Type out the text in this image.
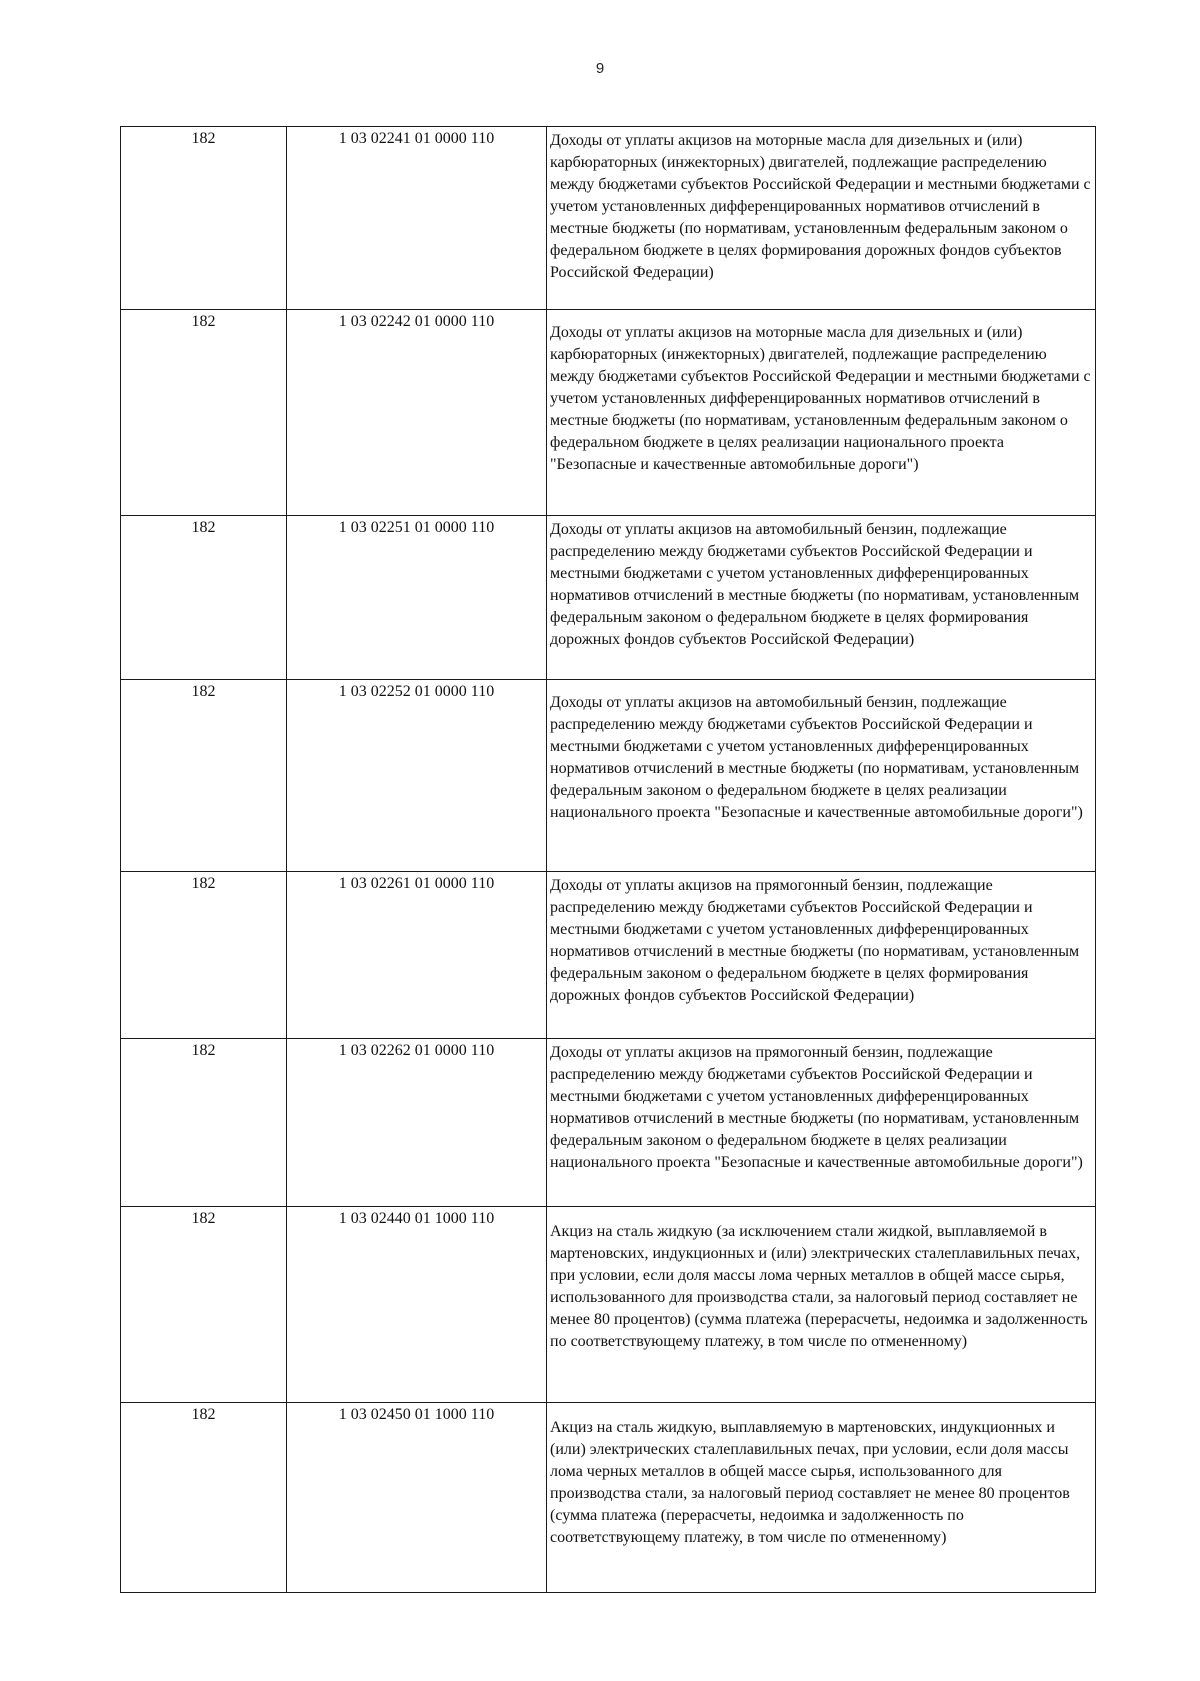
9
182	1 03 02241 01 0000 110	Доходы от уплаты акцизов на моторные масла для дизельных и (или) карбюраторных (инжекторных) двигателей, подлежащие распределению между бюджетами субъектов Российской Федерации и местными бюджетами с учетом установленных дифференцированных нормативов отчислений в местные бюджеты (по нормативам, установленным федеральным законом о федеральном бюджете в целях формирования дорожных фондов субъектов Российской Федерации)
182	1 03 02242 01 0000 110	Доходы от уплаты акцизов на моторные масла для дизельных и (или) карбюраторных (инжекторных) двигателей, подлежащие распределению между бюджетами субъектов Российской Федерации и местными бюджетами с учетом установленных дифференцированных нормативов отчислений в местные бюджеты (по нормативам, установленным федеральным законом о федеральном бюджете в целях реализации национального проекта "Безопасные и качественные автомобильные дороги")
182	1 03 02251 01 0000 110	Доходы от уплаты акцизов на автомобильный бензин, подлежащие распределению между бюджетами субъектов Российской Федерации и местными бюджетами с учетом установленных дифференцированных нормативов отчислений в местные бюджеты (по нормативам, установленным федеральным законом о федеральном бюджете в целях формирования дорожных фондов субъектов Российской Федерации)
182	1 03 02252 01 0000 110	Доходы от уплаты акцизов на автомобильный бензин, подлежащие распределению между бюджетами субъектов Российской Федерации и местными бюджетами с учетом установленных дифференцированных нормативов отчислений в местные бюджеты (по нормативам, установленным федеральным законом о федеральном бюджете в целях реализации национального проекта "Безопасные и качественные автомобильные дороги")
182	1 03 02261 01 0000 110	Доходы от уплаты акцизов на прямогонный бензин, подлежащие распределению между бюджетами субъектов Российской Федерации и местными бюджетами с учетом установленных дифференцированных нормативов отчислений в местные бюджеты (по нормативам, установленным федеральным законом о федеральном бюджете в целях формирования дорожных фондов субъектов Российской Федерации)
182	1 03 02262 01 0000 110	Доходы от уплаты акцизов на прямогонный бензин, подлежащие распределению между бюджетами субъектов Российской Федерации и местными бюджетами с учетом установленных дифференцированных нормативов отчислений в местные бюджеты (по нормативам, установленным федеральным законом о федеральном бюджете в целях реализации национального проекта "Безопасные и качественные автомобильные дороги")
182	1 03 02440 01 1000 110	Акциз на сталь жидкую (за исключением стали жидкой, выплавляемой в мартеновских, индукционных и (или) электрических сталеплавильных печах, при условии, если доля массы лома черных металлов в общей массе сырья, использованного для производства стали, за налоговый период составляет не менее 80 процентов) (сумма платежа (перерасчеты, недоимка и задолженность по соответствующему платежу, в том числе по отмененному)
182	1 03 02450 01 1000 110	Акциз на сталь жидкую, выплавляемую в мартеновских, индукционных и (или) электрических сталеплавильных печах, при условии, если доля массы лома черных металлов в общей массе сырья, использованного для производства стали, за налоговый период составляет не менее 80 процентов (сумма платежа (перерасчеты, недоимка и задолженность по соответствующему платежу, в том числе по отмененному)
